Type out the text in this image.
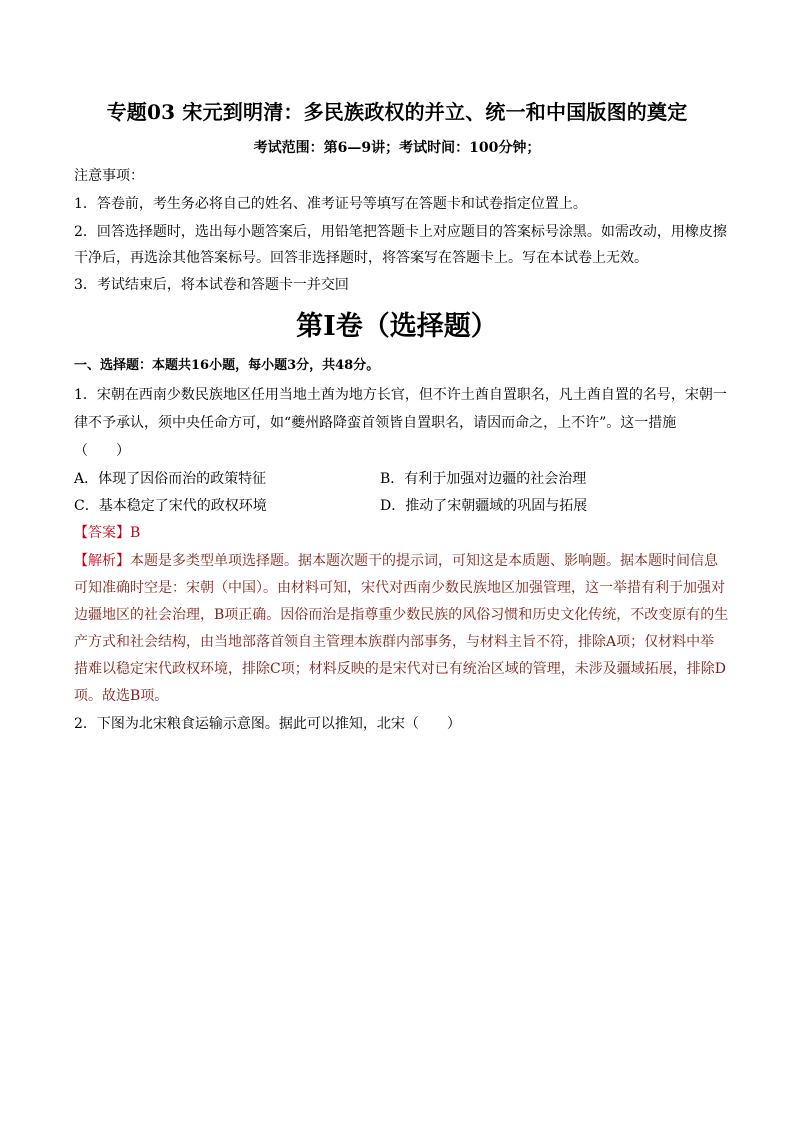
专题03 宋元到明清：多民族政权的并立、统一和中国版图的奠定
考试范围：第6—9讲；考试时间：100分钟；
注意事项：
1．答卷前，考生务必将自己的姓名、准考证号等填写在答题卡和试卷指定位置上。
2．回答选择题时，选出每小题答案后，用铅笔把答题卡上对应题目的答案标号涂黑。如需改动，用橡皮擦
干净后，再选涂其他答案标号。回答非选择题时，将答案写在答题卡上。写在本试卷上无效。
3．考试结束后，将本试卷和答题卡一并交回
第I卷（选择题）
一、选择题：本题共16小题，每小题3分，共48分。
1．宋朝在西南少数民族地区任用当地土酋为地方长官，但不许土酋自置职名，凡土酋自置的名号，宋朝一
律不予承认，须中央任命方可，如“夔州路降蛮首领皆自置职名，请因而命之，上不许”。这一措施
（　　）
A．体现了因俗而治的政策特征	B．有利于加强对边疆的社会治理
C．基本稳定了宋代的政权环境	D．推动了宋朝疆域的巩固与拓展
【答案】B
【解析】本题是多类型单项选择题。据本题次题干的提示词，可知这是本质题、影响题。据本题时间信息
可知准确时空是：宋朝（中国）。由材料可知，宋代对西南少数民族地区加强管理，这一举措有利于加强对
边疆地区的社会治理，B项正确。因俗而治是指尊重少数民族的风俗习惯和历史文化传统，不改变原有的生
产方式和社会结构，由当地部落首领自主管理本族群内部事务，与材料主旨不符，排除A项；仅材料中举
措难以稳定宋代政权环境，排除C项；材料反映的是宋代对已有统治区域的管理，未涉及疆域拓展，排除D
项。故选B项。
2．下图为北宋粮食运输示意图。据此可以推知，北宋（　　）
